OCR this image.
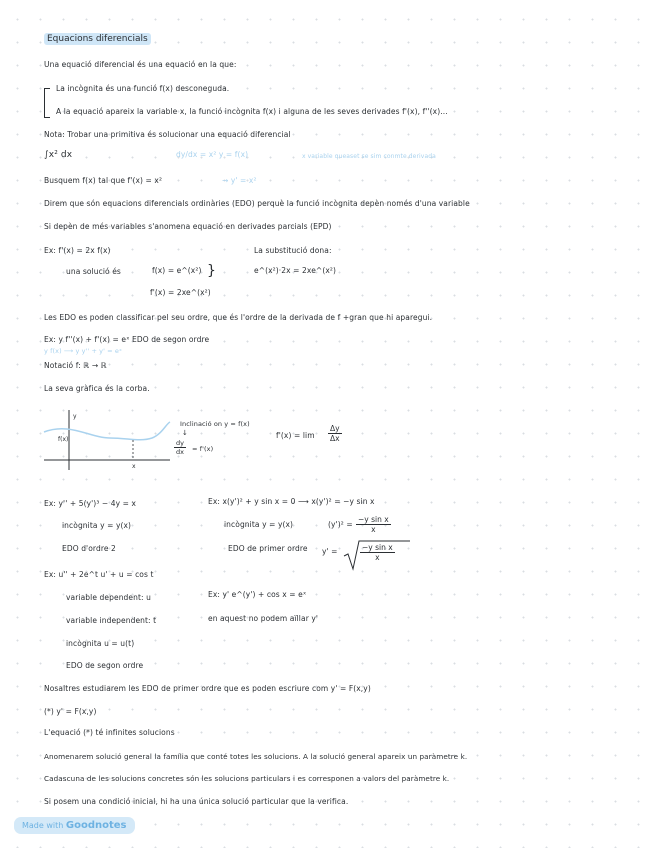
Equacions diferencials
Una equació diferencial és una equació en la que:
La incògnita és una funció f(x) desconeguda.
A la equació apareix la variable x, la funció incògnita f(x) i alguna de les seves derivades f'(x), f''(x)...
Nota: Trobar una primitiva és solucionar una equació diferencial
∫x² dx	dy/dx = x² y = f(x)	x variable queaset se sim conmte derivada
Busquem f(x) tal que f'(x) = x²	→ y' = x²
Direm que són equacions diferencials ordinàries (EDO) perquè la funció incògnita depèn només d'una variable
Si depèn de més variables s'anomena equació en derivades parcials (EPD)
Ex: f'(x) = 2x f(x)	La substitució dona:
una solució és	f(x) = e^(x²) }	e^(x²)·2x = 2xe^(x²)
f'(x) = 2xe^(x²)
Les EDO es poden classificar pel seu ordre, que és l'ordre de la derivada de f +gran que hi aparegui.
Ex: y f''(x) + f'(x) = eˣ EDO de segon ordre
y f(x) ⟶ y y'' + y' = eˣ
Notació f: ℝ → ℝ
La seva gràfica és la corba.
y
f(x)
x
Inclinació on y = f(x)
↓
$\frac{dy}{dx} = f'(x)$
$f'(x) = \lim \frac{\Delta y}{\Delta x}$
Ex: y'' + 5(y')³ − 4y = x
incògnita y = y(x)
EDO d'ordre 2
Ex: x(y')² + y sin x = 0 ⟶ x(y')² = −y sin x
incògnita y = y(x)	$(y')^2 = \frac{\text{−y sin x}}{x}$
EDO de primer ordre y' =	$\frac{\text{−y sin x}}{x}$
Ex: u'' + 2e^t u' + u = cos t
variable dependent: u	Ex: y' e^(y') + cos x = eˣ
variable independent: t	en aquest no podem aïllar y'
incògnita u = u(t)
EDO de segon ordre
Nosaltres estudiarem les EDO de primer ordre que es poden escriure com y' = F(x,y)
(*) y' = F(x,y)
L'equació (*) té infinites solucions
Anomenarem solució general la família que conté totes les solucions. A la solució general apareix un paràmetre k.
Cadascuna de les solucions concretes són les solucions particulars i es corresponen a valors del paràmetre k.
Si posem una condició inicial, hi ha una única solució particular que la verifica.
Made with Goodnotes
